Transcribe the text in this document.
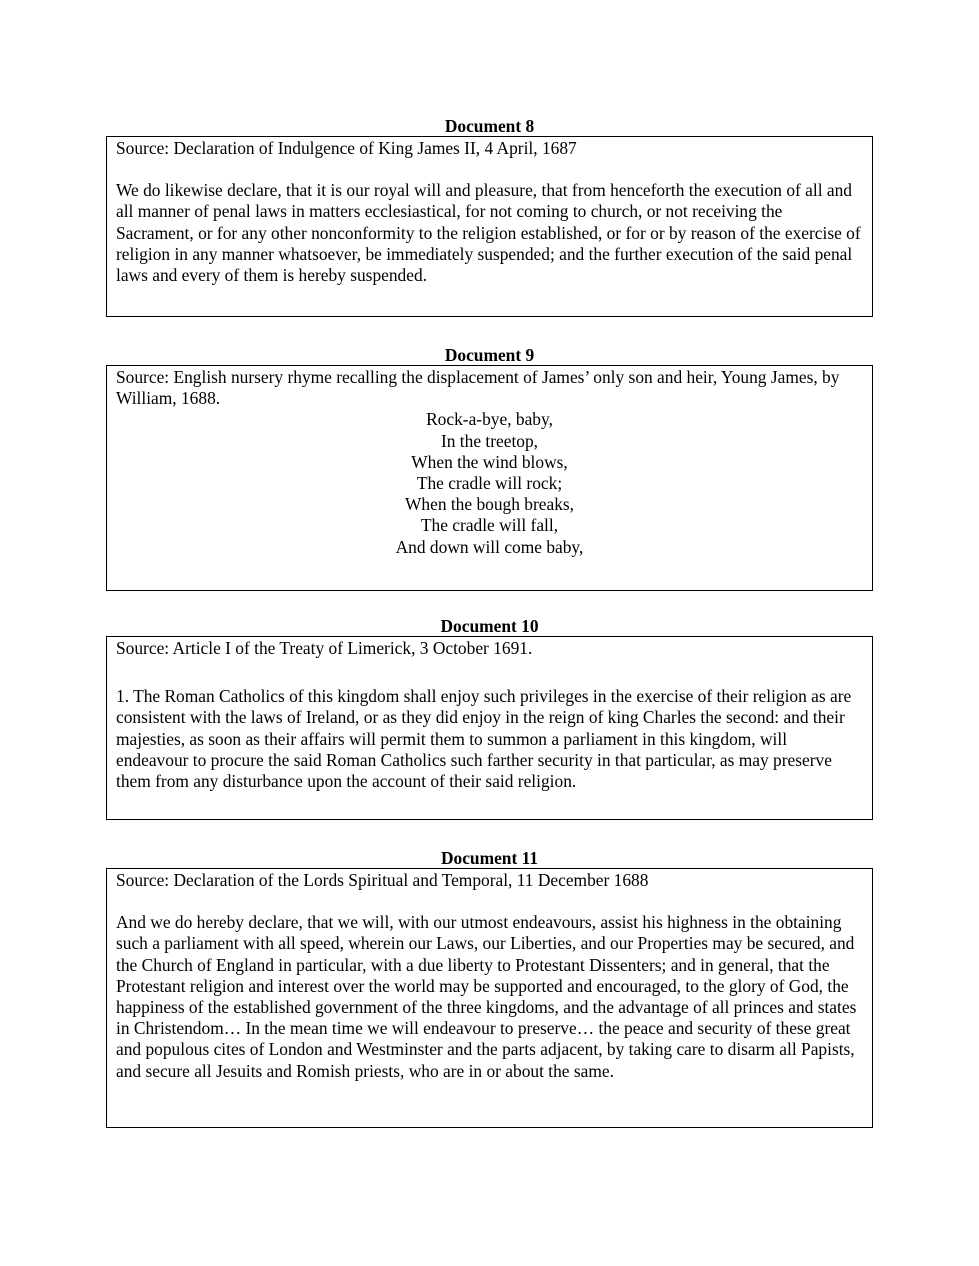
Document 8

Source: Declaration of Indulgence of King James II, 4 April, 1687

We do likewise declare, that it is our royal will and pleasure, that from henceforth the execution of all and all manner of penal laws in matters ecclesiastical, for not coming to church, or not receiving the Sacrament, or for any other nonconformity to the religion established, or for or by reason of the exercise of religion in any manner whatsoever, be immediately suspended; and the further execution of the said penal laws and every of them is hereby suspended.

Document 9

Source: English nursery rhyme recalling the displacement of James’ only son and heir, Young James, by William, 1688.

Rock-a-bye, baby,
In the treetop,
When the wind blows,
The cradle will rock;
When the bough breaks,
The cradle will fall,
And down will come baby,
Document 10

Source: Article I of the Treaty of Limerick, 3 October 1691.

1. The Roman Catholics of this kingdom shall enjoy such privileges in the exercise of their religion as are consistent with the laws of Ireland, or as they did enjoy in the reign of king Charles the second: and their majesties, as soon as their affairs will permit them to summon a parliament in this kingdom, will endeavour to procure the said Roman Catholics such farther security in that particular, as may preserve them from any disturbance upon the account of their said religion.

Document 11

Source: Declaration of the Lords Spiritual and Temporal, 11 December 1688

And we do hereby declare, that we will, with our utmost endeavours, assist his highness in the obtaining such a parliament with all speed, wherein our Laws, our Liberties, and our Properties may be secured, and the Church of England in particular, with a due liberty to Protestant Dissenters; and in general, that the Protestant religion and interest over the world may be supported and encouraged, to the glory of God, the happiness of the established government of the three kingdoms, and the advantage of all princes and states in Christendom… In the mean time we will endeavour to preserve… the peace and security of these great and populous cites of London and Westminster and the parts adjacent, by taking care to disarm all Papists, and secure all Jesuits and Romish priests, who are in or about the same.
